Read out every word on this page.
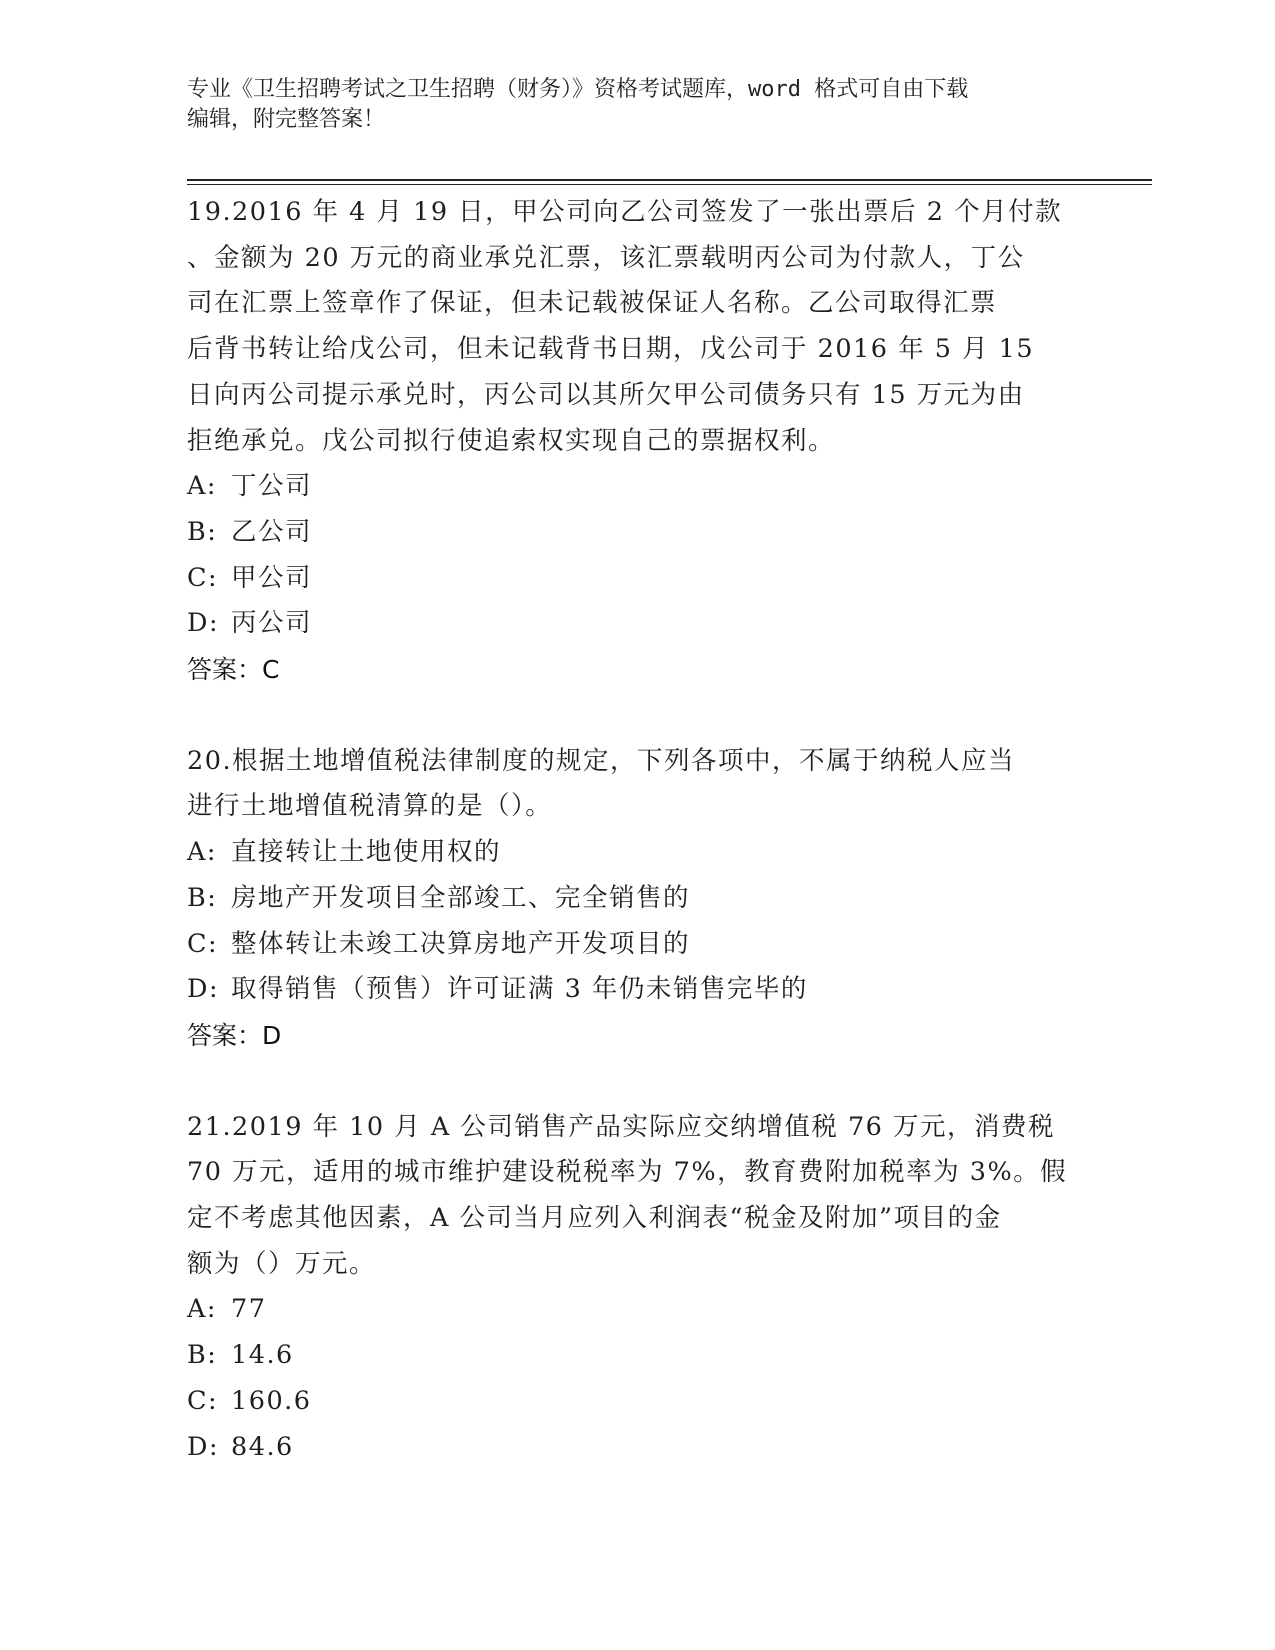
专业《卫生招聘考试之卫生招聘（财务）》资格考试题库，word 格式可自由下载
编辑，附完整答案！
19.2016 年 4 月 19 日，甲公司向乙公司签发了一张出票后 2 个月付款
、金额为 20 万元的商业承兑汇票，该汇票载明丙公司为付款人，丁公
司在汇票上签章作了保证，但未记载被保证人名称。乙公司取得汇票
后背书转让给戊公司，但未记载背书日期，戊公司于 2016 年 5 月 15
日向丙公司提示承兑时，丙公司以其所欠甲公司债务只有 15 万元为由
拒绝承兑。戊公司拟行使追索权实现自己的票据权利。
A: 丁公司
B: 乙公司
C: 甲公司
D: 丙公司
答案：C
20.根据土地增值税法律制度的规定，下列各项中，不属于纳税人应当
进行土地增值税清算的是（）。
A: 直接转让土地使用权的
B: 房地产开发项目全部竣工、完全销售的
C: 整体转让未竣工决算房地产开发项目的
D: 取得销售（预售）许可证满 3 年仍未销售完毕的
答案：D
21.2019 年 10 月 A 公司销售产品实际应交纳增值税 76 万元，消费税
70 万元，适用的城市维护建设税税率为 7%，教育费附加税率为 3%。假
定不考虑其他因素，A 公司当月应列入利润表“税金及附加”项目的金
额为（）万元。
A: 77
B: 14.6
C: 160.6
D: 84.6
